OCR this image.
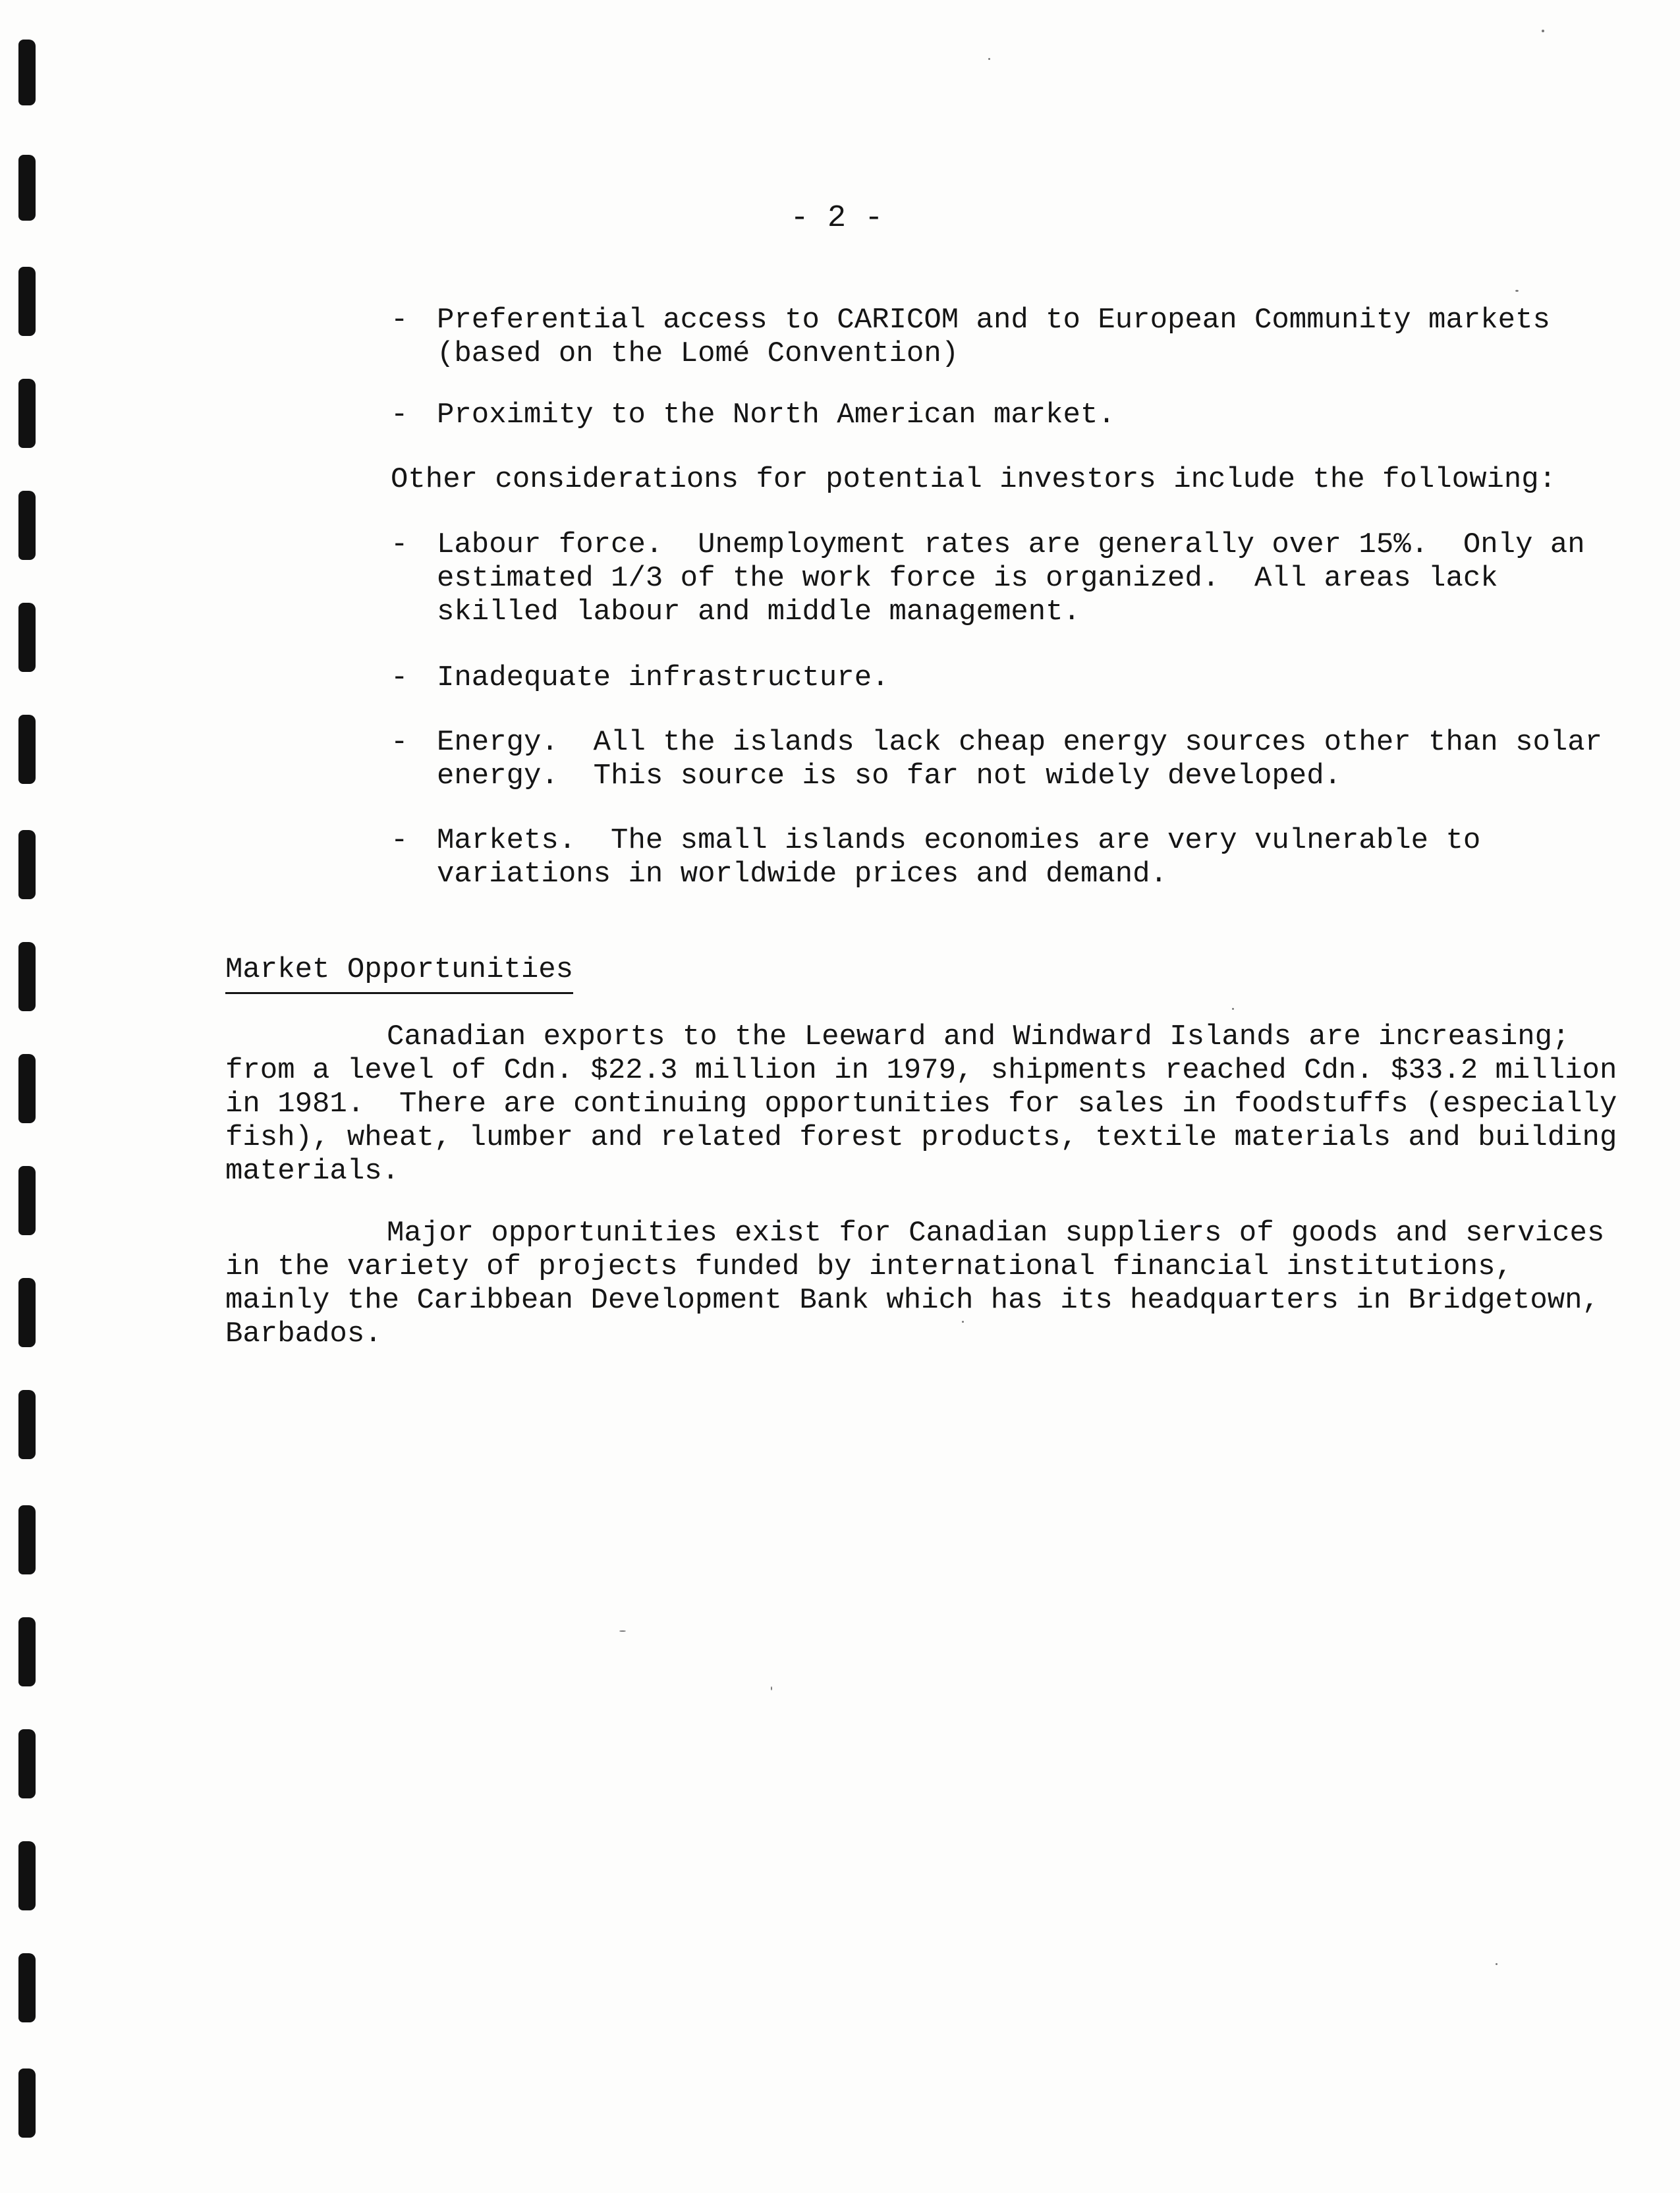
- 2 -
- Preferential access to CARICOM and to European Community markets
(based on the Lomé Convention)
- Proximity to the North American market.
Other considerations for potential investors include the following:
- Labour force.  Unemployment rates are generally over 15%.  Only an
estimated 1/3 of the work force is organized.  All areas lack
skilled labour and middle management.
- Inadequate infrastructure.
- Energy.  All the islands lack cheap energy sources other than solar
energy.  This source is so far not widely developed.
- Markets.  The small islands economies are very vulnerable to
variations in worldwide prices and demand.
Market Opportunities
Canadian exports to the Leeward and Windward Islands are increasing;
from a level of Cdn. $22.3 million in 1979, shipments reached Cdn. $33.2 million
in 1981.  There are continuing opportunities for sales in foodstuffs (especially
fish), wheat, lumber and related forest products, textile materials and building
materials.
Major opportunities exist for Canadian suppliers of goods and services
in the variety of projects funded by international financial institutions,
mainly the Caribbean Development Bank which has its headquarters in Bridgetown,
Barbados.
